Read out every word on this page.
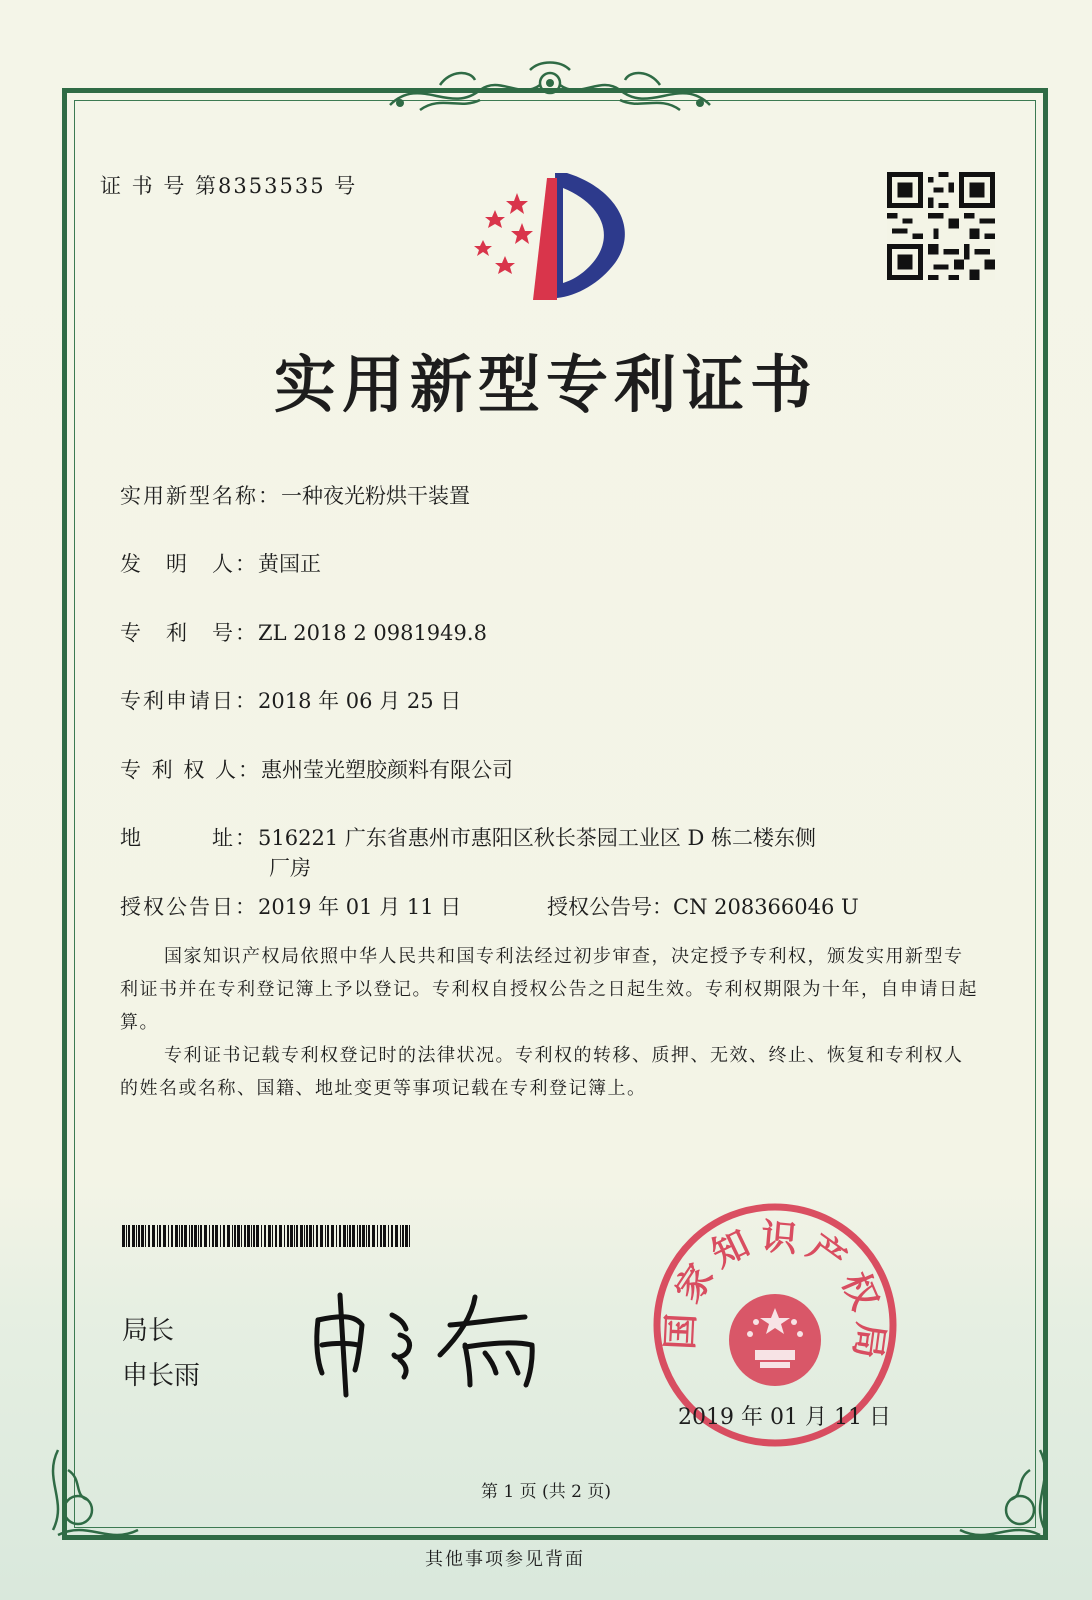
证 书 号 第8353535 号
实用新型专利证书
实用新型名称：一种夜光粉烘干装置
发　明　人：黄国正
专　利　号：ZL 2018 2 0981949.8
专利申请日：2018 年 06 月 25 日
专 利 权 人：惠州莹光塑胶颜料有限公司
地　　　址：516221 广东省惠州市惠阳区秋长茶园工业区 D 栋二楼东侧
厂房
授权公告日：2019 年 01 月 11 日	授权公告号：CN 208366046 U
国家知识产权局依照中华人民共和国专利法经过初步审查，决定授予专利权，颁发实用新型专利证书并在专利登记簿上予以登记。专利权自授权公告之日起生效。专利权期限为十年，自申请日起算。
专利证书记载专利权登记时的法律状况。专利权的转移、质押、无效、终止、恢复和专利权人的姓名或名称、国籍、地址变更等事项记载在专利登记簿上。
局长
申长雨
国家知识产权局
2019 年 01 月 11 日
第 1 页 (共 2 页)
其他事项参见背面
